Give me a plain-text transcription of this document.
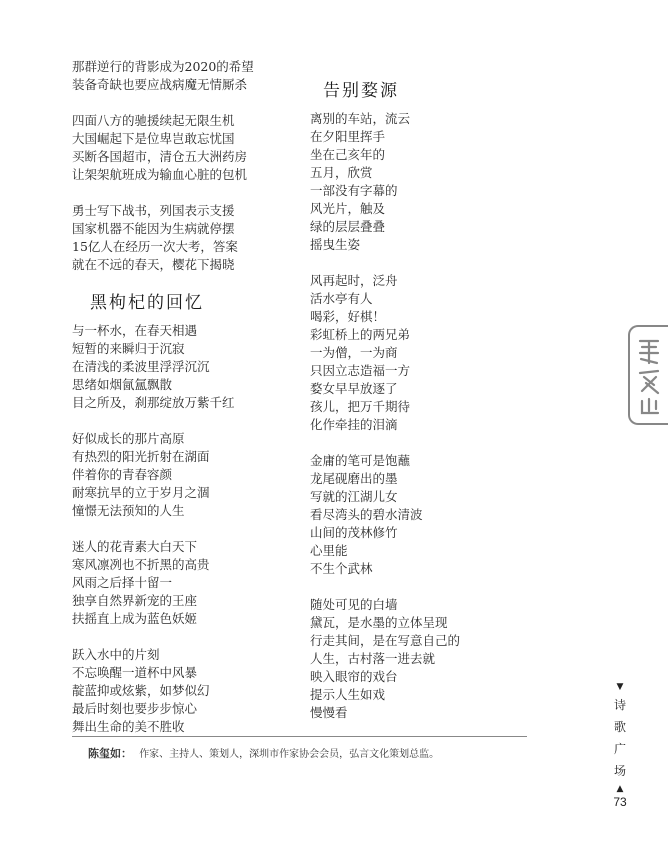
那群逆行的背影成为2020的希望
装备奇缺也要应战病魔无情厮杀
四面八方的驰援续起无限生机
大国崛起下是位卑岂敢忘忧国
买断各国超市，清仓五大洲药房
让架架航班成为输血心脏的包机
勇士写下战书，列国表示支援
国家机器不能因为生病就停摆
15亿人在经历一次大考，答案
就在不远的春天，樱花下揭晓
黑枸杞的回忆
与一杯水，在春天相遇
短暂的来瞬归于沉寂
在清浅的柔波里浮浮沉沉
思绪如烟氤氲飘散
目之所及，刹那绽放万紫千红
好似成长的那片高原
有热烈的阳光折射在湖面
伴着你的青春容颜
耐寒抗旱的立于岁月之涸
憧憬无法预知的人生
迷人的花青素大白天下
寒风凛冽也不折黑的高贵
风雨之后择十留一
独享自然界新宠的王座
扶摇直上成为蓝色妖姬
跃入水中的片刻
不忘唤醒一道杯中风暴
靛蓝抑或炫紫，如梦似幻
最后时刻也要步步惊心
舞出生命的美不胜收
告别婺源
离别的车站，流云
在夕阳里挥手
坐在己亥年的
五月，欣赏
一部没有字幕的
风光片，触及
绿的层层叠叠
摇曳生姿
风再起时，泛舟
活水亭有人
喝彩，好棋！
彩虹桥上的两兄弟
一为僧，一为商
只因立志造福一方
婺女早早放逐了
孩儿，把万千期待
化作牵挂的泪滴
金庸的笔可是饱蘸
龙尾砚磨出的墨
写就的江湖儿女
看尽湾头的碧水清波
山间的茂林修竹
心里能
不生个武林
随处可见的白墙
黛瓦，是水墨的立体呈现
行走其间，是在写意自己的
人生，古村落一进去就
映入眼帘的戏台
提示人生如戏
慢慢看
陈玺如： 作家、主持人、策划人，深圳市作家协会会员，弘言文化策划总监。
▼
诗
歌
广
场
▲
73
